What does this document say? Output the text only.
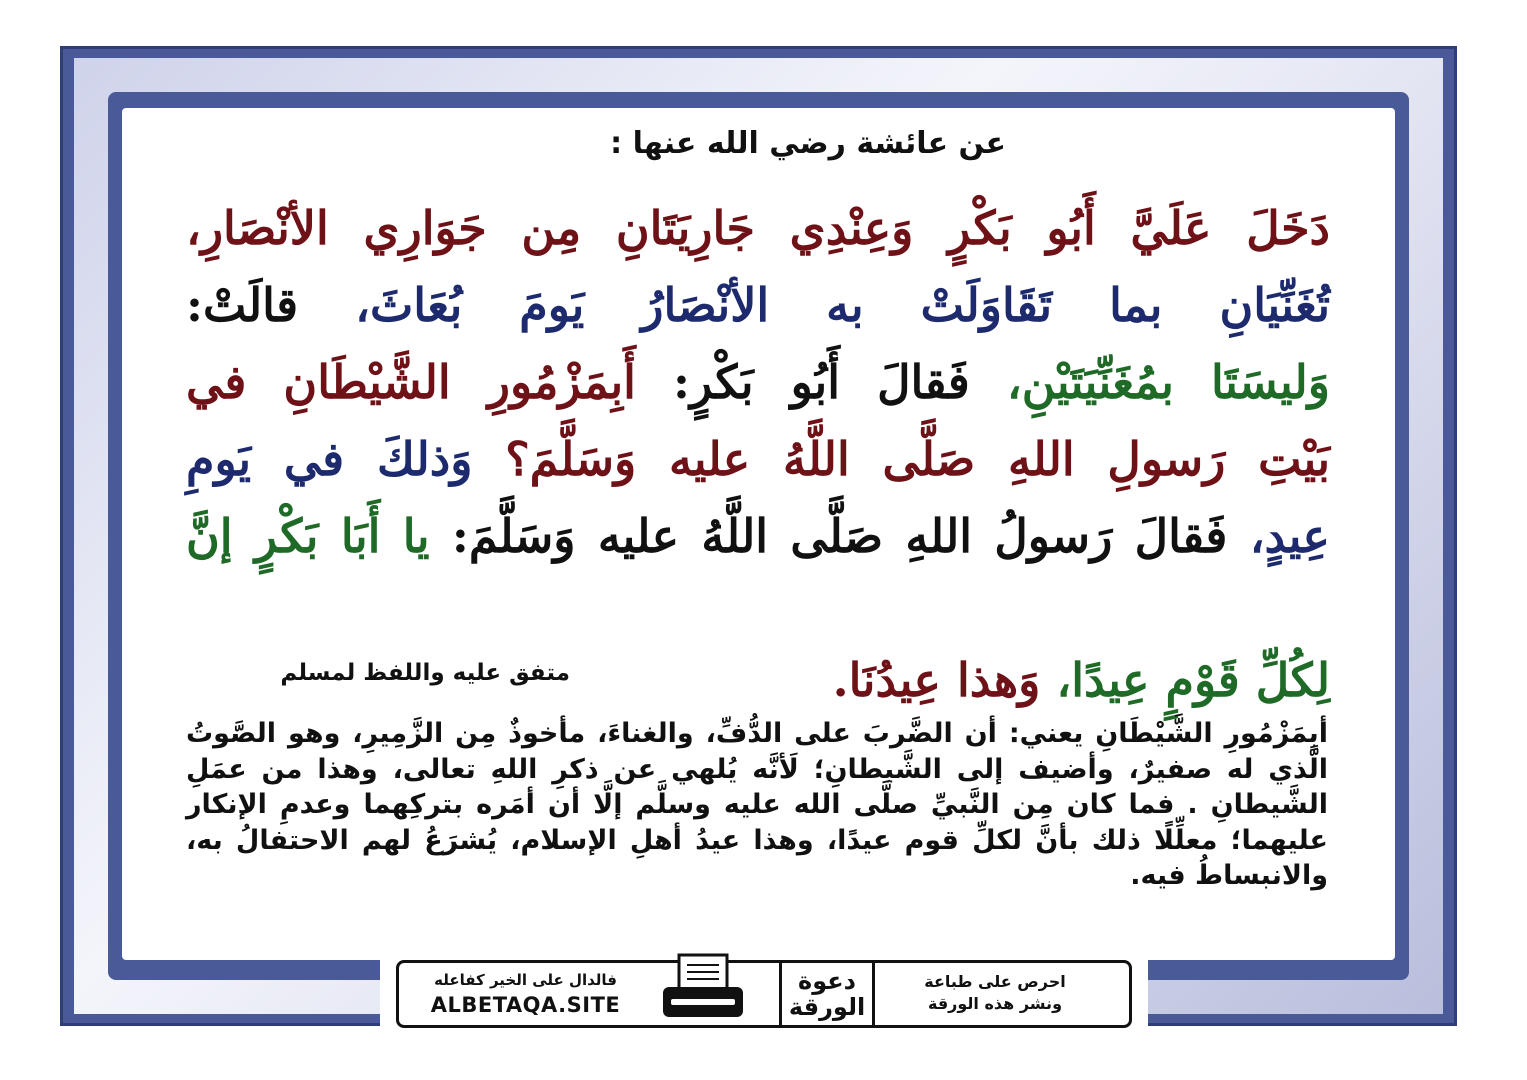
عن عائشة رضي الله عنها :
دَخَلَ عَلَيَّ أَبُو بَكْرٍ وَعِنْدِي جَارِيَتَانِ مِن جَوَارِي الأنْصَارِ،
تُغَنِّيَانِ بما تَقَاوَلَتْ به الأنْصَارُ يَومَ بُعَاثَ، قالَتْ:
وَليسَتَا بمُغَنِّيَتَيْنِ، فَقالَ أَبُو بَكْرٍ: أَبِمَزْمُورِ الشَّيْطَانِ في
بَيْتِ رَسولِ اللهِ صَلَّى اللَّهُ عليه وَسَلَّمَ؟ وَذلكَ في يَومِ
عِيدٍ، فَقالَ رَسولُ اللهِ صَلَّى اللَّهُ عليه وَسَلَّمَ: يا أَبَا بَكْرٍ إنَّ
لِكُلِّ قَوْمٍ عِيدًا، وَهذا عِيدُنَا.
متفق عليه واللفظ لمسلم
أبِمَزْمُورِ الشَّيْطَانِ يعني: أن الضَّربَ على الدُّفِّ، والغناءَ، مأخوذٌ مِن الزَّمِيرِ، وهو الصَّوتُ الَّذي له صفيرٌ، وأضيف إلى الشَّيطانِ؛ لَأنَّه يُلهي عن ذكرِ اللهِ تعالى، وهذا من عمَلِ الشَّيطانِ . فما كان مِن النَّبيِّ صلَّى الله عليه وسلَّم إلَّا أن أمَره بتركِهما وعدمِ الإنكار عليهما؛ معلِّلًا ذلك بأنَّ لكلِّ قوم عيدًا، وهذا عيدُ أهلِ الإسلام، يُشرَعُ لهم الاحتفالُ به، والانبساطُ فيه.
احرص على طباعة
ونشر هذه الورقة
دعوة
الورقة
فالدال على الخير كفاعله
ALBETAQA.SITE
